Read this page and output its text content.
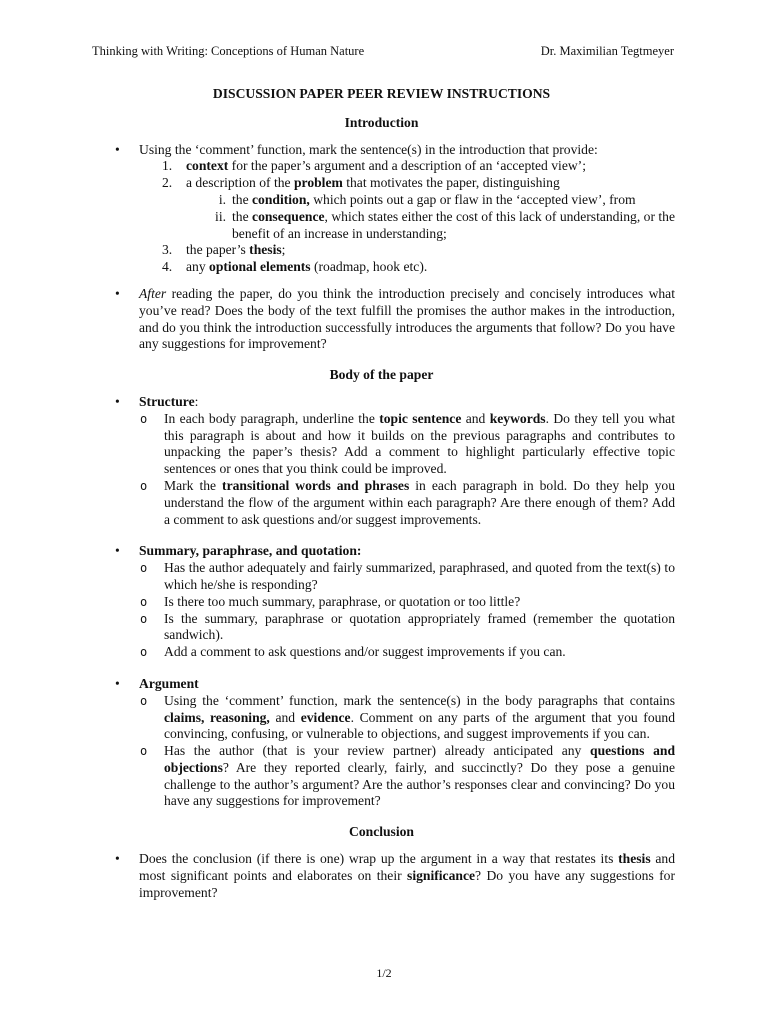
Thinking with Writing: Conceptions of Human Nature	Dr. Maximilian Tegtmeyer
DISCUSSION PAPER PEER REVIEW INSTRUCTIONS
Introduction
• Using the ‘comment’ function, mark the sentence(s) in the introduction that provide:
1. context for the paper’s argument and a description of an ‘accepted view’;
2. a description of the problem that motivates the paper, distinguishing
i. the condition, which points out a gap or flaw in the ‘accepted view’, from
ii. the consequence, which states either the cost of this lack of understanding, or the benefit of an increase in understanding;
3. the paper’s thesis;
4. any optional elements (roadmap, hook etc).
• After reading the paper, do you think the introduction precisely and concisely introduces what you’ve read? Does the body of the text fulfill the promises the author makes in the introduction, and do you think the introduction successfully introduces the arguments that follow? Do you have any suggestions for improvement?
Body of the paper
• Structure:
o In each body paragraph, underline the topic sentence and keywords. Do they tell you what this paragraph is about and how it builds on the previous paragraphs and contributes to unpacking the paper’s thesis? Add a comment to highlight particularly effective topic sentences or ones that you think could be improved.
o Mark the transitional words and phrases in each paragraph in bold. Do they help you understand the flow of the argument within each paragraph? Are there enough of them? Add a comment to ask questions and/or suggest improvements.
• Summary, paraphrase, and quotation:
o Has the author adequately and fairly summarized, paraphrased, and quoted from the text(s) to which he/she is responding?
o Is there too much summary, paraphrase, or quotation or too little?
o Is the summary, paraphrase or quotation appropriately framed (remember the quotation sandwich).
o Add a comment to ask questions and/or suggest improvements if you can.
• Argument
o Using the ‘comment’ function, mark the sentence(s) in the body paragraphs that contains claims, reasoning, and evidence. Comment on any parts of the argument that you found convincing, confusing, or vulnerable to objections, and suggest improvements if you can.
o Has the author (that is your review partner) already anticipated any questions and objections? Are they reported clearly, fairly, and succinctly? Do they pose a genuine challenge to the author’s argument? Are the author’s responses clear and convincing? Do you have any suggestions for improvement?
Conclusion
• Does the conclusion (if there is one) wrap up the argument in a way that restates its thesis and most significant points and elaborates on their significance? Do you have any suggestions for improvement?
1/2
